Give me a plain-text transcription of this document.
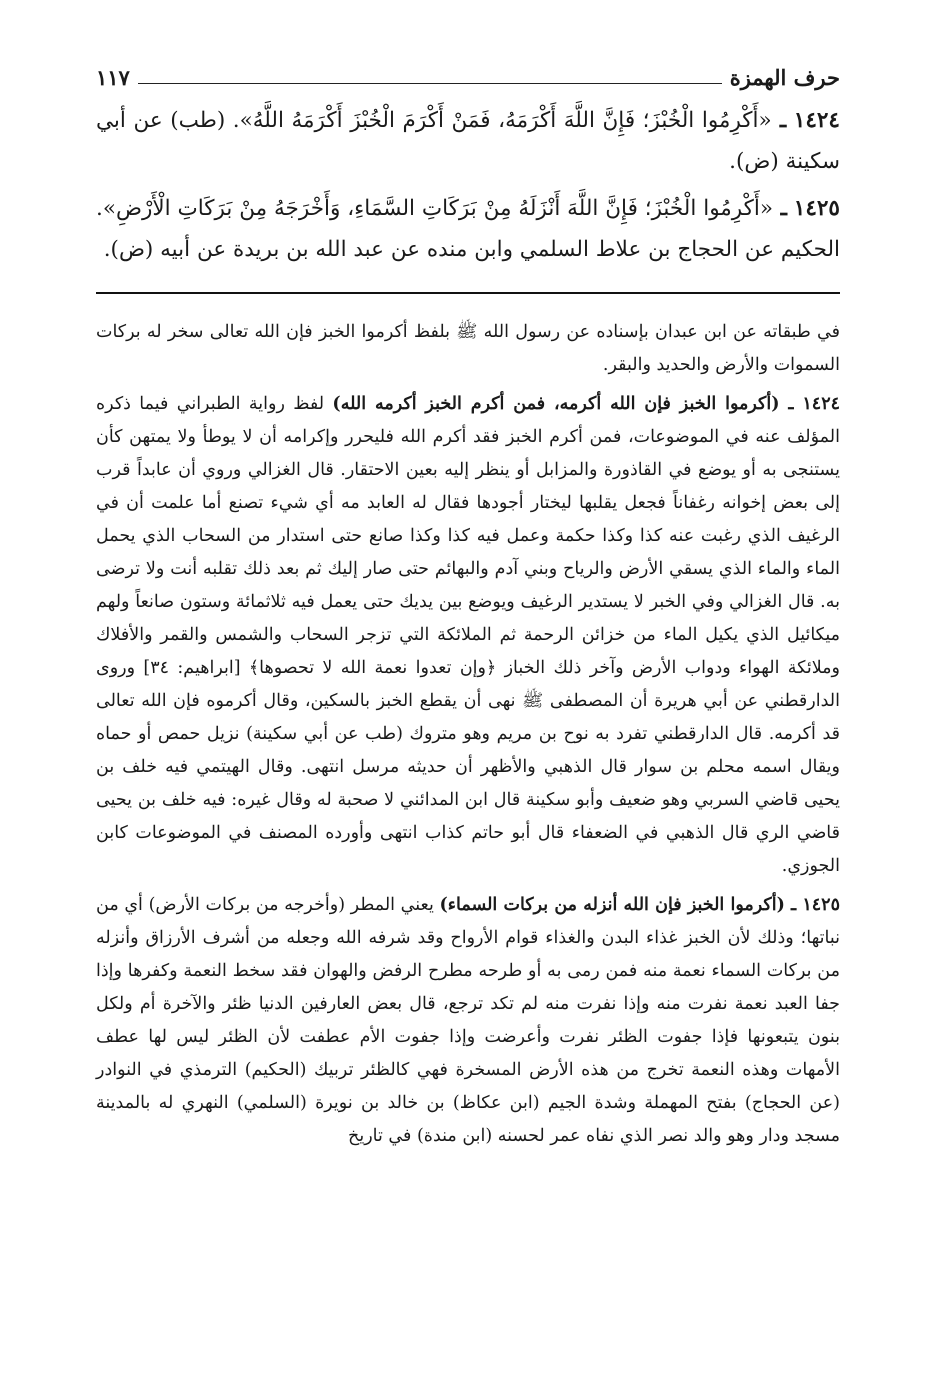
حرف الهمزة
١١٧

١٤٢٤ ـ «أَكْرِمُوا الْخُبْزَ؛ فَإِنَّ اللَّهَ أَكْرَمَهُ، فَمَنْ أَكْرَمَ الْخُبْزَ أَكْرَمَهُ اللَّهُ». (طب) عن أبي سكينة (ض).

١٤٢٥ ـ «أَكْرِمُوا الْخُبْزَ؛ فَإِنَّ اللَّهَ أَنْزَلَهُ مِنْ بَرَكَاتِ السَّمَاءِ، وَأَخْرَجَهُ مِنْ بَرَكَاتِ الْأَرْضِ». الحكيم عن الحجاج بن علاط السلمي وابن منده عن عبد الله بن بريدة عن أبيه (ض).

في طبقاته عن ابن عبدان بإسناده عن رسول الله ﷺ بلفظ أكرموا الخبز فإن الله تعالى سخر له بركات السموات والأرض والحديد والبقر.

١٤٢٤ ـ (أكرموا الخبز فإن الله أكرمه، فمن أكرم الخبز أكرمه الله) لفظ رواية الطبراني فيما ذكره المؤلف عنه في الموضوعات، فمن أكرم الخبز فقد أكرم الله فليحرر وإكرامه أن لا يوطأ ولا يمتهن كأن يستنجى به أو يوضع في القاذورة والمزابل أو ينظر إليه بعين الاحتقار. قال الغزالي وروي أن عابداً قرب إلى بعض إخوانه رغفاناً فجعل يقلبها ليختار أجودها فقال له العابد مه أي شيء تصنع أما علمت أن في الرغيف الذي رغبت عنه كذا وكذا حكمة وعمل فيه كذا وكذا صانع حتى استدار من السحاب الذي يحمل الماء والماء الذي يسقي الأرض والرياح وبني آدم والبهائم حتى صار إليك ثم بعد ذلك تقلبه أنت ولا ترضى به. قال الغزالي وفي الخبر لا يستدير الرغيف ويوضع بين يديك حتى يعمل فيه ثلاثمائة وستون صانعاً ولهم ميكائيل الذي يكيل الماء من خزائن الرحمة ثم الملائكة التي تزجر السحاب والشمس والقمر والأفلاك وملائكة الهواء ودواب الأرض وآخر ذلك الخباز ﴿وإن تعدوا نعمة الله لا تحصوها﴾ [ابراهيم: ٣٤] وروى الدارقطني عن أبي هريرة أن المصطفى ﷺ نهى أن يقطع الخبز بالسكين، وقال أكرموه فإن الله تعالى قد أكرمه. قال الدارقطني تفرد به نوح بن مريم وهو متروك (طب عن أبي سكينة) نزيل حمص أو حماه ويقال اسمه محلم بن سوار قال الذهبي والأظهر أن حديثه مرسل انتهى. وقال الهيتمي فيه خلف بن يحيى قاضي السربي وهو ضعيف وأبو سكينة قال ابن المدائني لا صحبة له وقال غيره: فيه خلف بن يحيى قاضي الري قال الذهبي في الضعفاء قال أبو حاتم كذاب انتهى وأورده المصنف في الموضوعات كابن الجوزي.

١٤٢٥ ـ (أكرموا الخبز فإن الله أنزله من بركات السماء) يعني المطر (وأخرجه من بركات الأرض) أي من نباتها؛ وذلك لأن الخبز غذاء البدن والغذاء قوام الأرواح وقد شرفه الله وجعله من أشرف الأرزاق وأنزله من بركات السماء نعمة منه فمن رمى به أو طرحه مطرح الرفض والهوان فقد سخط النعمة وكفرها وإذا جفا العبد نعمة نفرت منه وإذا نفرت منه لم تكد ترجع، قال بعض العارفين الدنيا ظئر والآخرة أم ولكل بنون يتبعونها فإذا جفوت الظئر نفرت وأعرضت وإذا جفوت الأم عطفت لأن الظئر ليس لها عطف الأمهات وهذه النعمة تخرج من هذه الأرض المسخرة فهي كالظئر تربيك (الحكيم) الترمذي في النوادر (عن الحجاج) بفتح المهملة وشدة الجيم (ابن عكاظ) بن خالد بن نويرة (السلمي) النهري له بالمدينة مسجد ودار وهو والد نصر الذي نفاه عمر لحسنه (ابن مندة) في تاريخ
